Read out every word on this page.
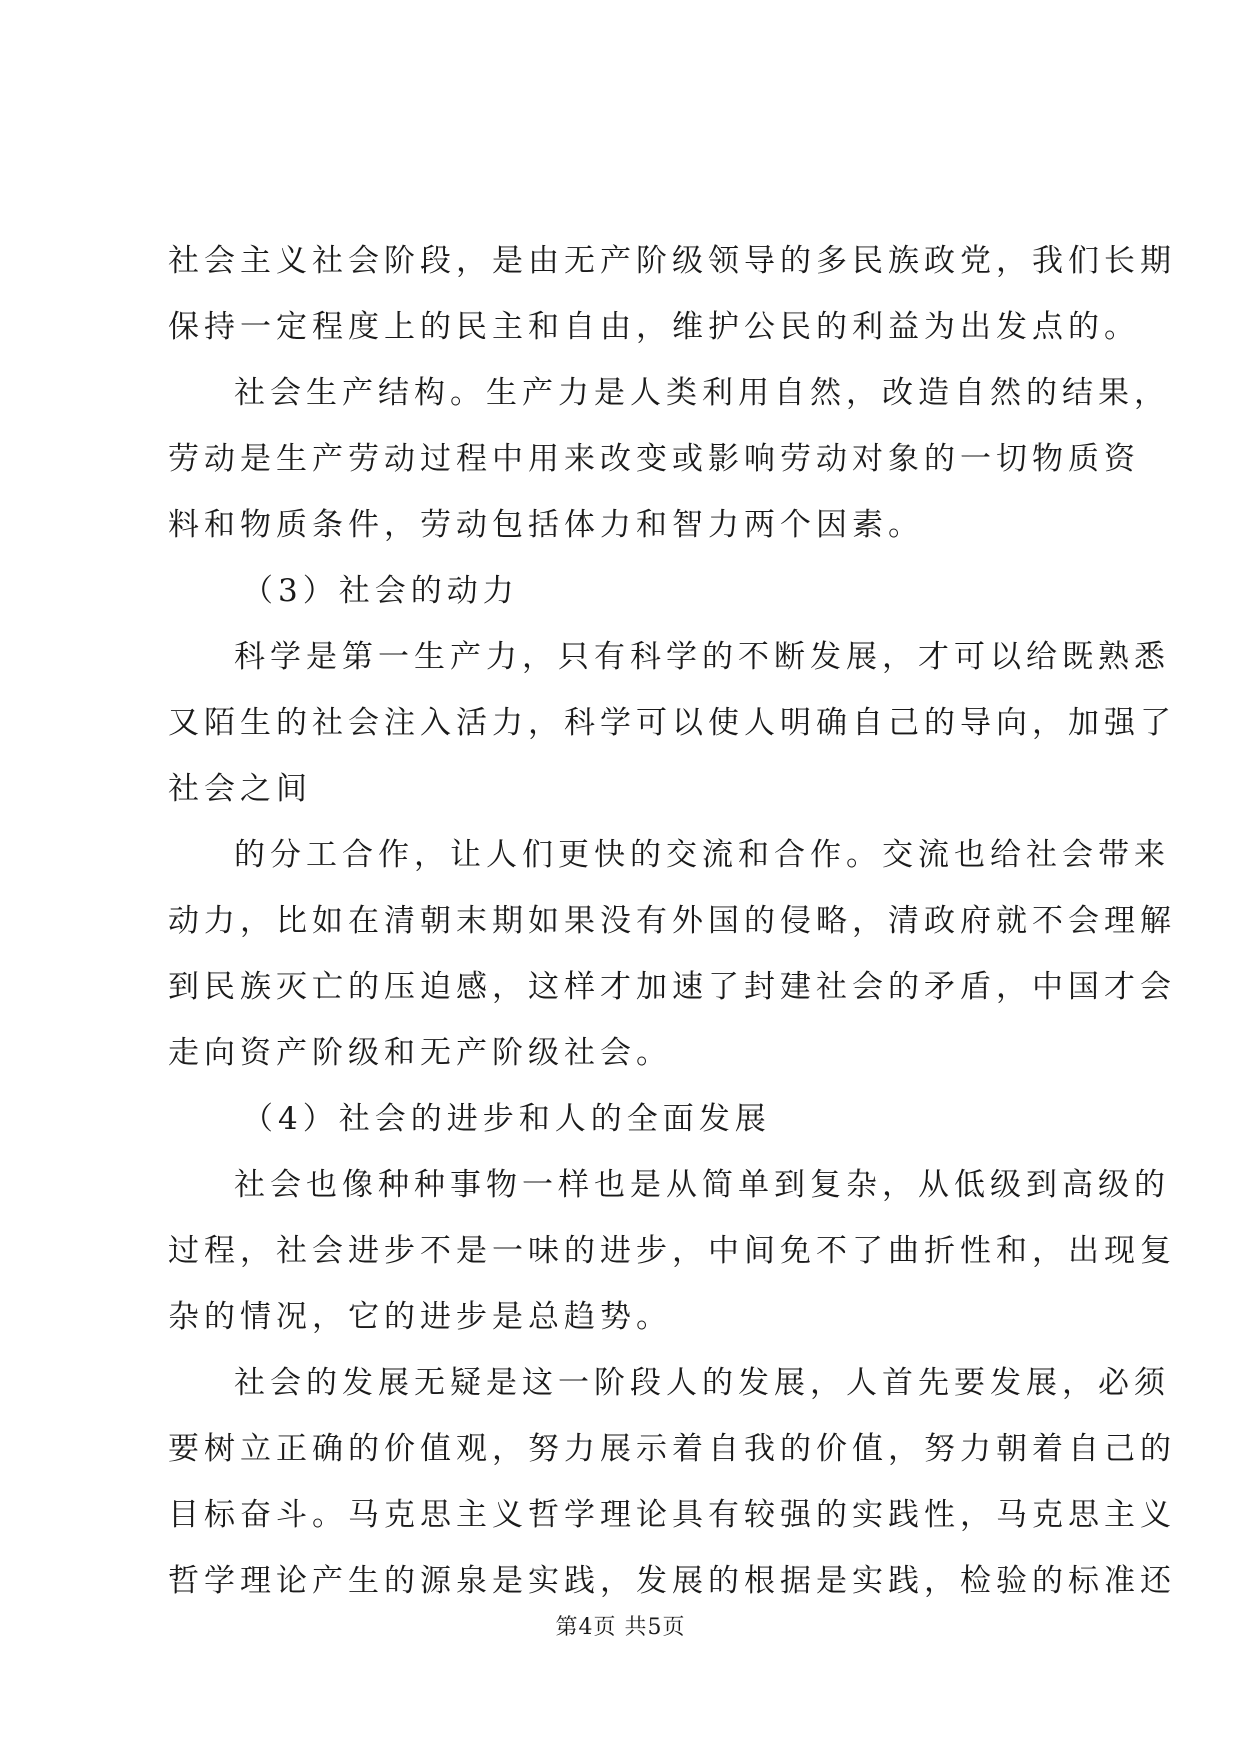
社会主义社会阶段，是由无产阶级领导的多民族政党，我们长期
保持一定程度上的民主和自由，维护公民的利益为出发点的。
社会生产结构。生产力是人类利用自然，改造自然的结果，
劳动是生产劳动过程中用来改变或影响劳动对象的一切物质资
料和物质条件，劳动包括体力和智力两个因素。
（3）社会的动力
科学是第一生产力，只有科学的不断发展，才可以给既熟悉
又陌生的社会注入活力，科学可以使人明确自己的导向，加强了
社会之间
的分工合作，让人们更快的交流和合作。交流也给社会带来
动力，比如在清朝末期如果没有外国的侵略，清政府就不会理解
到民族灭亡的压迫感，这样才加速了封建社会的矛盾，中国才会
走向资产阶级和无产阶级社会。
（4）社会的进步和人的全面发展
社会也像种种事物一样也是从简单到复杂，从低级到高级的
过程，社会进步不是一味的进步，中间免不了曲折性和，出现复
杂的情况，它的进步是总趋势。
社会的发展无疑是这一阶段人的发展，人首先要发展，必须
要树立正确的价值观，努力展示着自我的价值，努力朝着自己的
目标奋斗。马克思主义哲学理论具有较强的实践性，马克思主义
哲学理论产生的源泉是实践，发展的根据是实践，检验的标准还
第4页 共5页
